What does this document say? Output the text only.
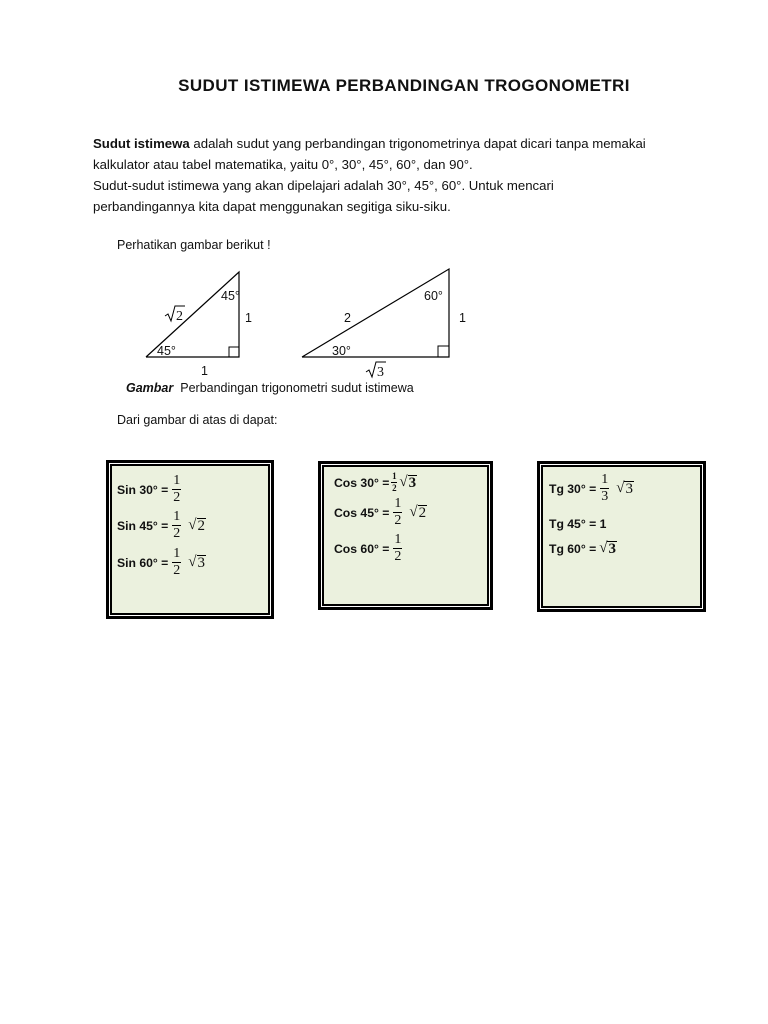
SUDUT ISTIMEWA PERBANDINGAN TROGONOMETRI

Sudut istimewa adalah sudut yang perbandingan trigonometrinya dapat dicari tanpa memakai

kalkulator atau tabel matematika, yaitu 0°, 30°, 45°, 60°, dan 90°.

Sudut-sudut istimewa yang akan dipelajari adalah 30°, 45°, 60°. Untuk mencari

perbandingannya kita dapat menggunakan segitiga siku-siku.

Perhatikan gambar berikut !
45°
45°
1
1
2
60°
30°
2	1
3
Gambar Perbandingan trigonometri sudut istimewa
Dari gambar di atas di dapat:
Sin $30^\circ = \frac{1}{2}$
Sin $45^\circ = \frac{1}{2}$ √ 2
Sin $60^\circ = \frac{1}{2}$ √ 3
Cos $30^\circ = \frac{1}{2}$ √ 3
Cos $45^\circ = \frac{1}{2}$ √ 2
Cos $60^\circ = \frac{1}{2}$
Tg $30^\circ = \frac{1}{3}$ √ 3
Tg 45° = 1
Tg 60° = √ 3
